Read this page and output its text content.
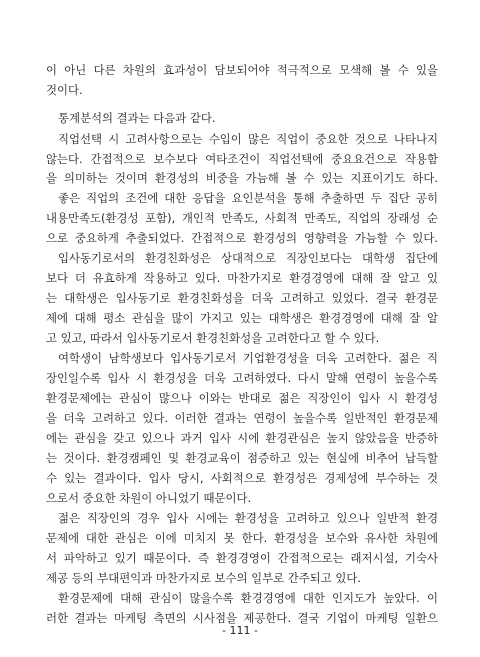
이 아닌 다른 차원의 효과성이 담보되어야 적극적으로 모색해 볼 수 있을
것이다.
통계분석의 결과는 다음과 같다.
직업선택 시 고려사항으로는 수입이 많은 직업이 중요한 것으로 나타나지
않는다. 간접적으로 보수보다 여타조건이 직업선택에 중요요건으로 작용함
을 의미하는 것이며 환경성의 비중을 가늠해 볼 수 있는 지표이기도 하다.
좋은 직업의 조건에 대한 응답을 요인분석을 통해 추출하면 두 집단 공히
내용만족도(환경성 포함), 개인적 만족도, 사회적 만족도, 직업의 장래성 순
으로 중요하게 추출되었다. 간접적으로 환경성의 영향력을 가늠할 수 있다.
입사동기로서의 환경친화성은 상대적으로 직장인보다는 대학생 집단에
보다 더 유효하게 작용하고 있다. 마찬가지로 환경경영에 대해 잘 알고 있
는 대학생은 입사동기로 환경친화성을 더욱 고려하고 있었다. 결국 환경문
제에 대해 평소 관심을 많이 가지고 있는 대학생은 환경경영에 대해 잘 알
고 있고, 따라서 입사동기로서 환경친화성을 고려한다고 할 수 있다.
여학생이 남학생보다 입사동기로서 기업환경성을 더욱 고려한다. 젊은 직
장인일수록 입사 시 환경성을 더욱 고려하였다. 다시 말해 연령이 높을수록
환경문제에는 관심이 많으나 이와는 반대로 젊은 직장인이 입사 시 환경성
을 더욱 고려하고 있다. 이러한 결과는 연령이 높을수록 일반적인 환경문제
에는 관심을 갖고 있으나 과거 입사 시에 환경관심은 높지 않았음을 반증하
는 것이다. 환경캠페인 및 환경교육이 점증하고 있는 현실에 비추어 납득할
수 있는 결과이다. 입사 당시, 사회적으로 환경성은 경제성에 부수하는 것
으로서 중요한 차원이 아니었기 때문이다.
젊은 직장인의 경우 입사 시에는 환경성을 고려하고 있으나 일반적 환경
문제에 대한 관심은 이에 미치지 못 한다. 환경성을 보수와 유사한 차원에
서 파악하고 있기 때문이다. 즉 환경경영이 간접적으로는 래저시설, 기숙사
제공 등의 부대편익과 마찬가지로 보수의 일부로 간주되고 있다.
환경문제에 대해 관심이 많을수록 환경경영에 대한 인지도가 높았다. 이
러한 결과는 마케팅 측면의 시사점을 제공한다. 결국 기업이 마케팅 일환으
- 111 -
